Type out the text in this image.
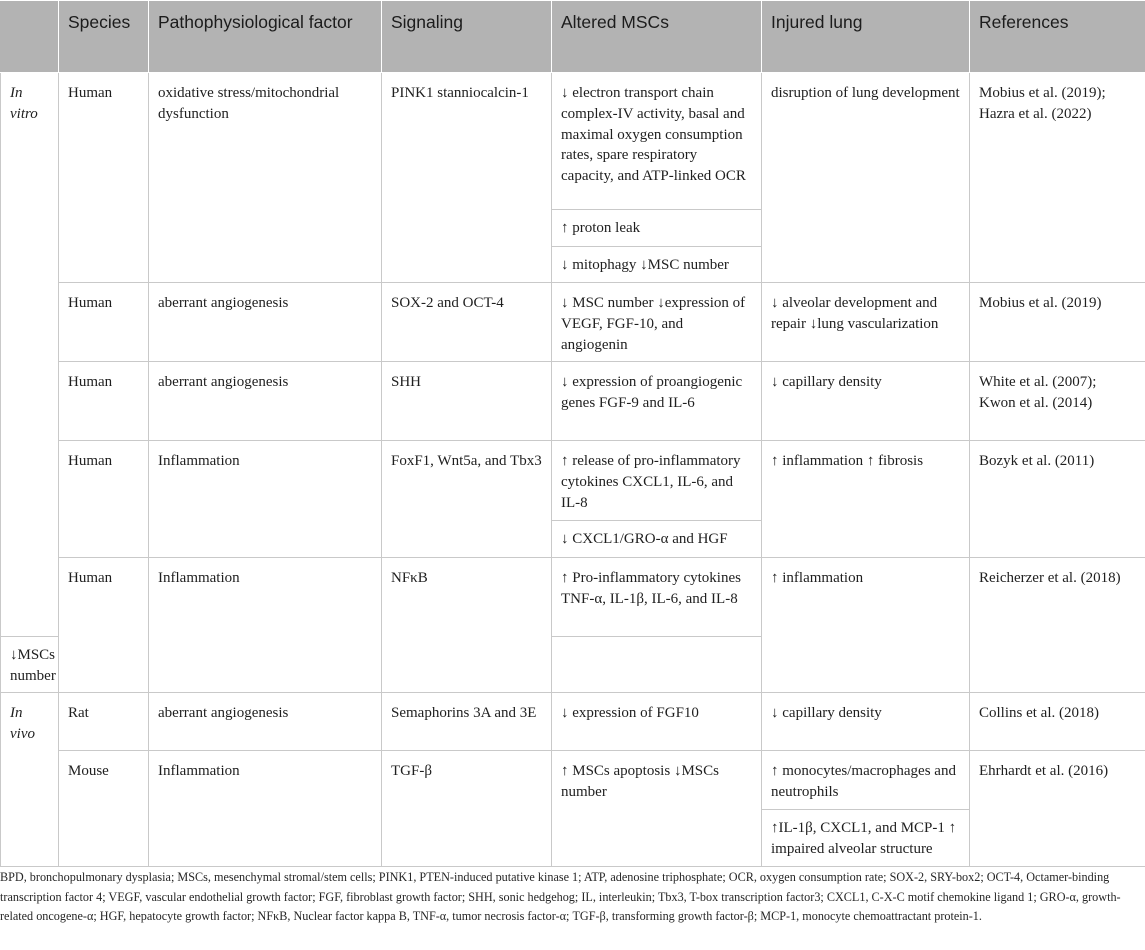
	Species	Pathophysiological factor	Signaling	Altered MSCs	Injured lung	References
In vitro	Human	oxidative stress/mitochondrial dysfunction	PINK1 stanniocalcin-1	↓ electron transport chain complex-IV activity, basal and maximal oxygen consumption rates, spare respiratory capacity, and ATP-linked OCR	disruption of lung development	Mobius et al. (2019); Hazra et al. (2022)
				↑ proton leak		
				↓ mitophagy ↓MSC number		
	Human	aberrant angiogenesis	SOX-2 and OCT-4	↓ MSC number ↓expression of VEGF, FGF-10, and angiogenin	↓ alveolar development and repair ↓lung vascularization	Mobius et al. (2019)
	Human	aberrant angiogenesis	SHH	↓ expression of proangiogenic genes FGF-9 and IL-6	↓ capillary density	White et al. (2007); Kwon et al. (2014)
	Human	Inflammation	FoxF1, Wnt5a, and Tbx3	↑ release of pro-inflammatory cytokines CXCL1, IL-6, and IL-8	↑ inflammation ↑ fibrosis	Bozyk et al. (2011)
				↓ CXCL1/GRO-α and HGF		
	Human	Inflammation	NFκB	↑ Pro-inflammatory cytokines TNF-α, IL-1β, IL-6, and IL-8	↑ inflammation	Reicherzer et al. (2018)
↓MSCs number						
In vivo	Rat	aberrant angiogenesis	Semaphorins 3A and 3E	↓ expression of FGF10	↓ capillary density	Collins et al. (2018)
	Mouse	Inflammation	TGF-β	↑ MSCs apoptosis ↓MSCs number	↑ monocytes/macrophages and neutrophils	Ehrhardt et al. (2016)
					↑IL-1β, CXCL1, and MCP-1 ↑ impaired alveolar structure	
BPD, bronchopulmonary dysplasia; MSCs, mesenchymal stromal/stem cells; PINK1, PTEN-induced putative kinase 1; ATP, adenosine triphosphate; OCR, oxygen consumption rate; SOX-2, SRY-box2; OCT-4, Octamer-binding transcription factor 4; VEGF, vascular endothelial growth factor; FGF, fibroblast growth factor; SHH, sonic hedgehog; IL, interleukin; Tbx3, T-box transcription factor3; CXCL1, C-X-C motif chemokine ligand 1; GRO-α, growth-related oncogene-α; HGF, hepatocyte growth factor; NFκB, Nuclear factor kappa B, TNF-α, tumor necrosis factor-α; TGF-β, transforming growth factor-β; MCP-1, monocyte chemoattractant protein-1.
